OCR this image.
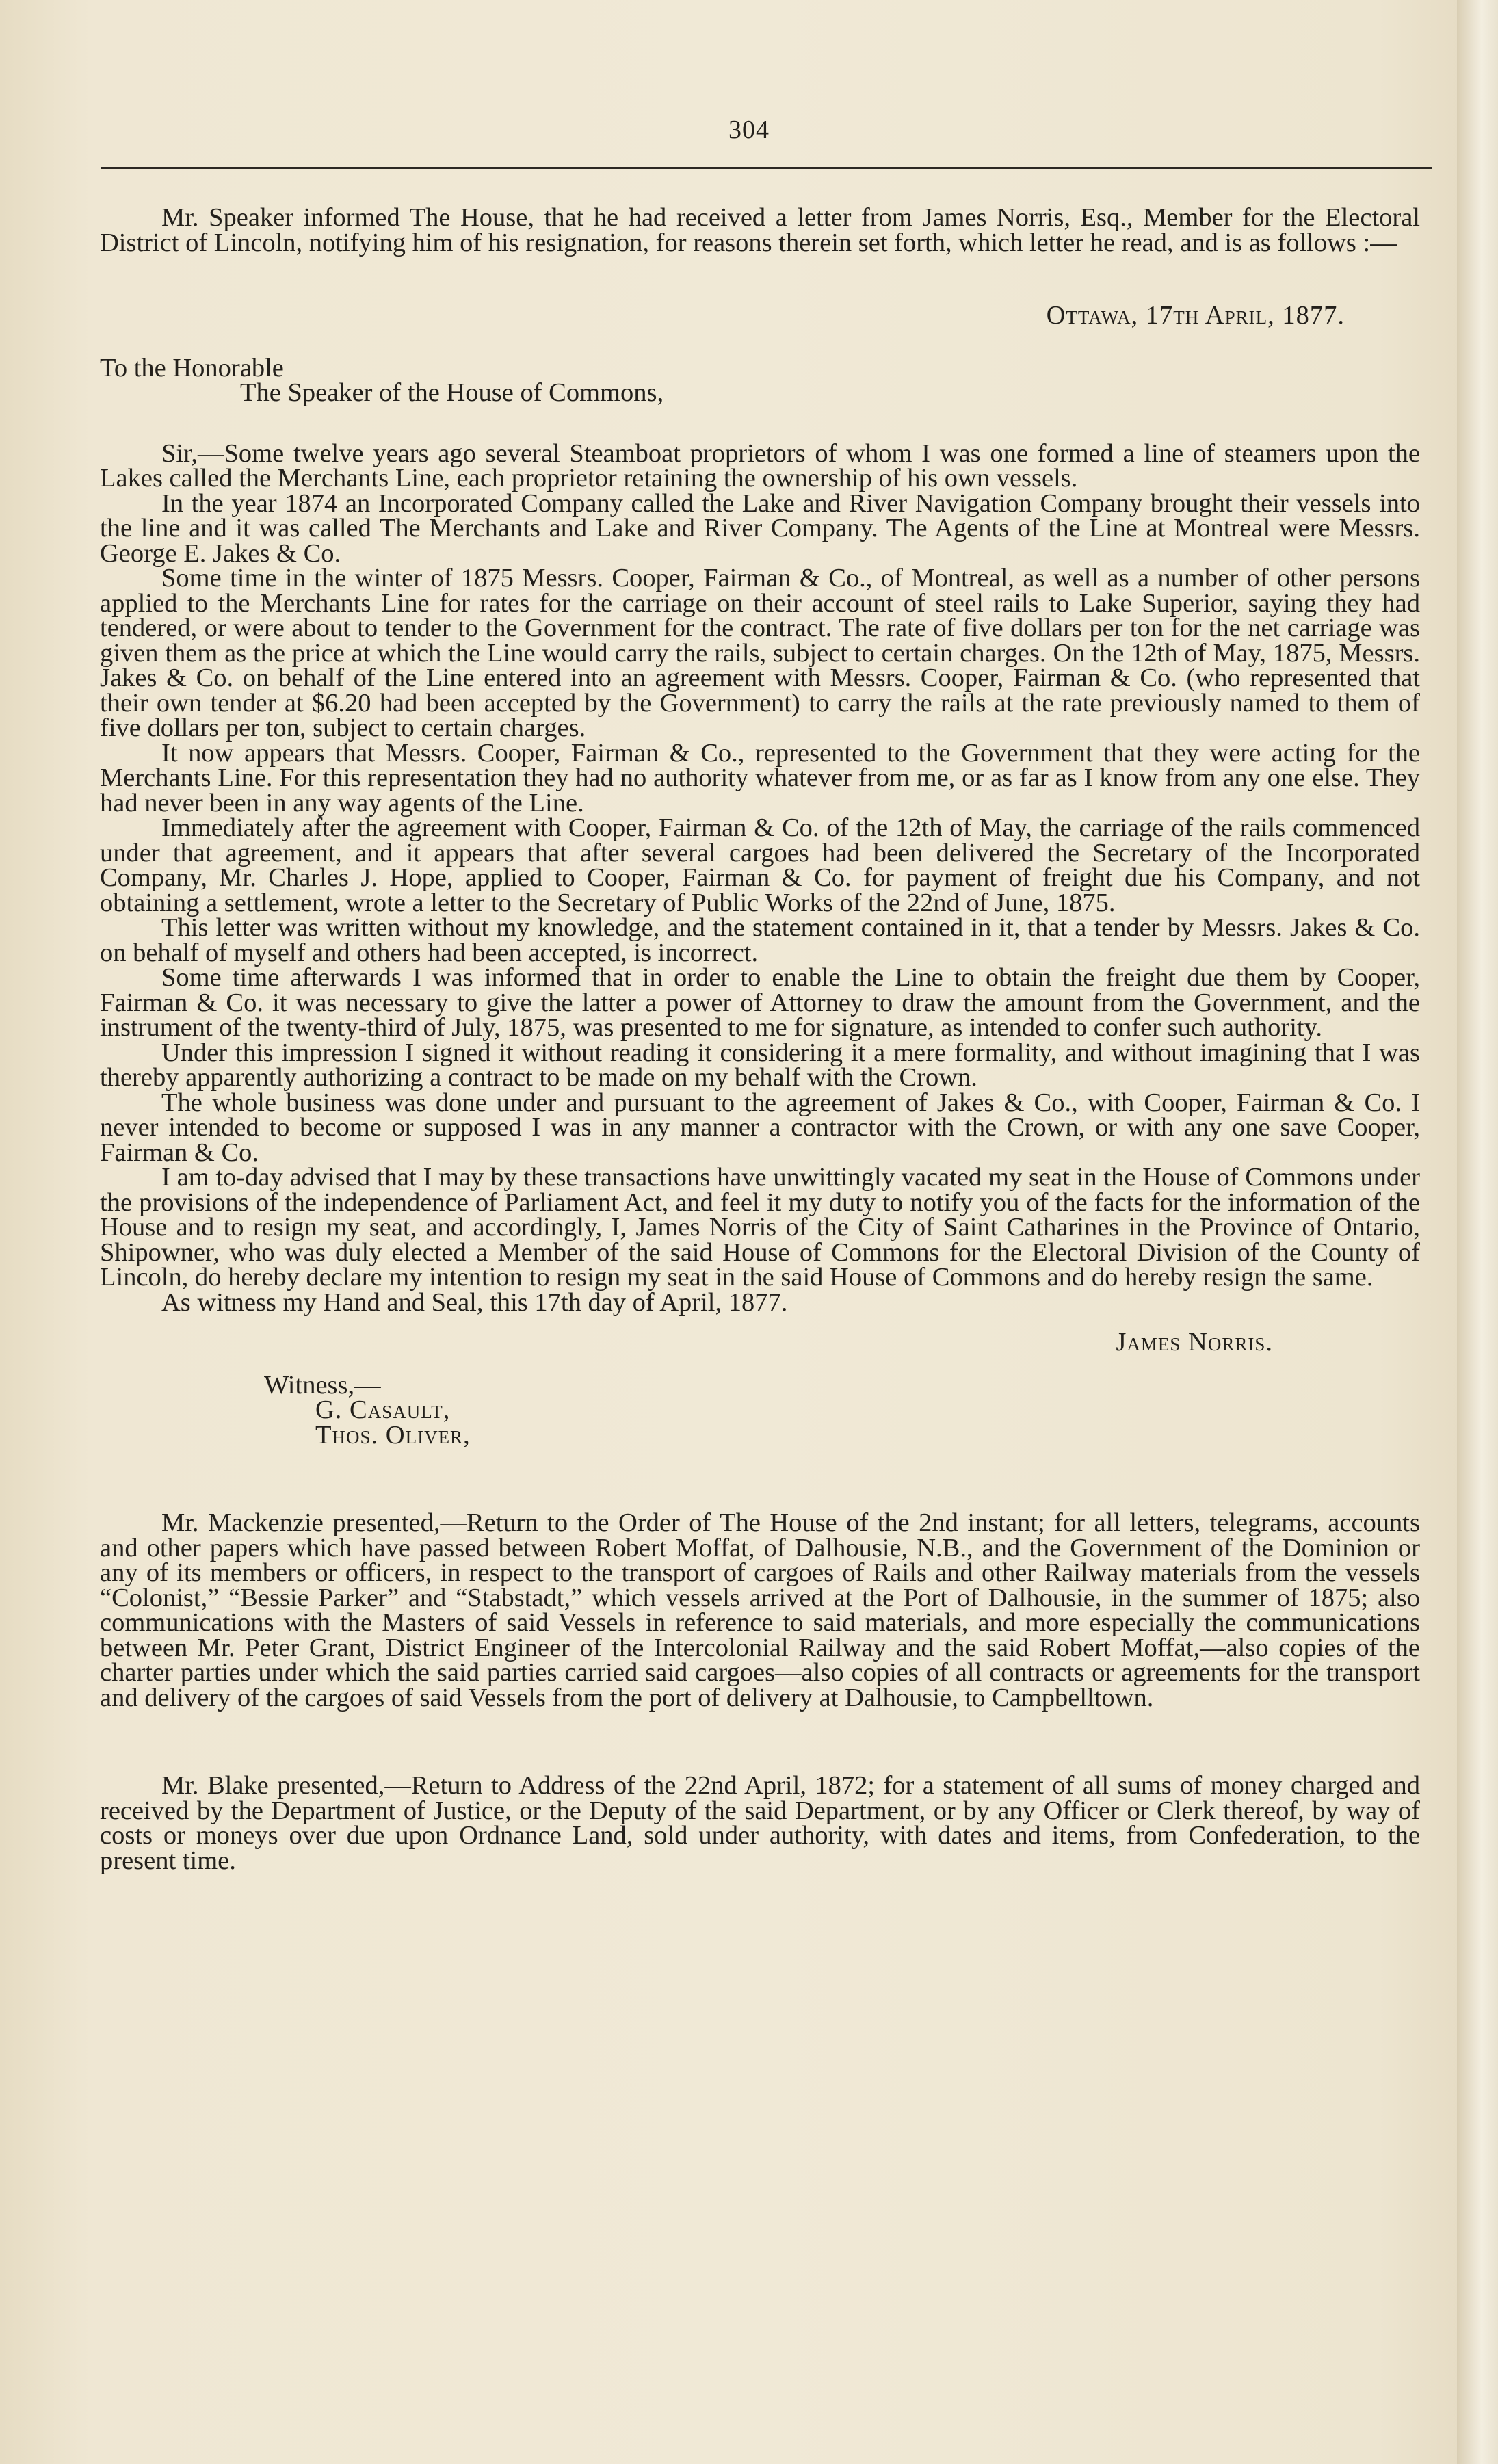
304

Mr. Speaker informed The House, that he had received a letter from James Norris, Esq., Member for the Electoral District of Lincoln, notifying him of his resignation, for reasons therein set forth, which letter he read, and is as follows :—

Ottawa, 17th April, 1877.

To the Honorable

The Speaker of the House of Commons,

Sir,—Some twelve years ago several Steamboat proprietors of whom I was one formed a line of steamers upon the Lakes called the Merchants Line, each proprietor retaining the ownership of his own vessels.

In the year 1874 an Incorporated Company called the Lake and River Navigation Company brought their vessels into the line and it was called The Merchants and Lake and River Company. The Agents of the Line at Montreal were Messrs. George E. Jakes & Co.

Some time in the winter of 1875 Messrs. Cooper, Fairman & Co., of Montreal, as well as a number of other persons applied to the Merchants Line for rates for the carriage on their account of steel rails to Lake Superior, saying they had tendered, or were about to tender to the Government for the contract. The rate of five dollars per ton for the net carriage was given them as the price at which the Line would carry the rails, subject to certain charges. On the 12th of May, 1875, Messrs. Jakes & Co. on behalf of the Line entered into an agreement with Messrs. Cooper, Fairman & Co. (who represented that their own tender at $6.20 had been accepted by the Government) to carry the rails at the rate previously named to them of five dollars per ton, subject to certain charges.

It now appears that Messrs. Cooper, Fairman & Co., represented to the Government that they were acting for the Merchants Line. For this representation they had no authority whatever from me, or as far as I know from any one else. They had never been in any way agents of the Line.

Immediately after the agreement with Cooper, Fairman & Co. of the 12th of May, the carriage of the rails commenced under that agreement, and it appears that after several cargoes had been delivered the Secretary of the Incorporated Company, Mr. Charles J. Hope, applied to Cooper, Fairman & Co. for payment of freight due his Company, and not obtaining a settlement, wrote a letter to the Secretary of Public Works of the 22nd of June, 1875.

This letter was written without my knowledge, and the statement contained in it, that a tender by Messrs. Jakes & Co. on behalf of myself and others had been accepted, is incorrect.

Some time afterwards I was informed that in order to enable the Line to obtain the freight due them by Cooper, Fairman & Co. it was necessary to give the latter a power of Attorney to draw the amount from the Government, and the instrument of the twenty-third of July, 1875, was presented to me for signature, as intended to confer such authority.

Under this impression I signed it without reading it considering it a mere formality, and without imagining that I was thereby apparently authorizing a contract to be made on my behalf with the Crown.

The whole business was done under and pursuant to the agreement of Jakes & Co., with Cooper, Fairman & Co. I never intended to become or supposed I was in any manner a contractor with the Crown, or with any one save Cooper, Fairman & Co.

I am to-day advised that I may by these transactions have unwittingly vacated my seat in the House of Commons under the provisions of the independence of Parliament Act, and feel it my duty to notify you of the facts for the information of the House and to resign my seat, and accordingly, I, James Norris of the City of Saint Catharines in the Province of Ontario, Shipowner, who was duly elected a Member of the said House of Commons for the Electoral Division of the County of Lincoln, do hereby declare my intention to resign my seat in the said House of Commons and do hereby resign the same.

As witness my Hand and Seal, this 17th day of April, 1877.

James Norris.

Witness,—

G. Casault,

Thos. Oliver,

Mr. Mackenzie presented,—Return to the Order of The House of the 2nd instant; for all letters, telegrams, accounts and other papers which have passed between Robert Moffat, of Dalhousie, N.B., and the Government of the Dominion or any of its members or officers, in respect to the transport of cargoes of Rails and other Railway materials from the vessels “Colonist,” “Bessie Parker” and “Stabstadt,” which vessels arrived at the Port of Dalhousie, in the summer of 1875; also communications with the Masters of said Vessels in reference to said materials, and more especially the communications between Mr. Peter Grant, District Engineer of the Intercolonial Railway and the said Robert Moffat,—also copies of the charter parties under which the said parties carried said cargoes—also copies of all contracts or agreements for the transport and delivery of the cargoes of said Vessels from the port of delivery at Dalhousie, to Campbelltown.

Mr. Blake presented,—Return to Address of the 22nd April, 1872; for a statement of all sums of money charged and received by the Department of Justice, or the Deputy of the said Department, or by any Officer or Clerk thereof, by way of costs or moneys over due upon Ordnance Land, sold under authority, with dates and items, from Confederation, to the present time.
